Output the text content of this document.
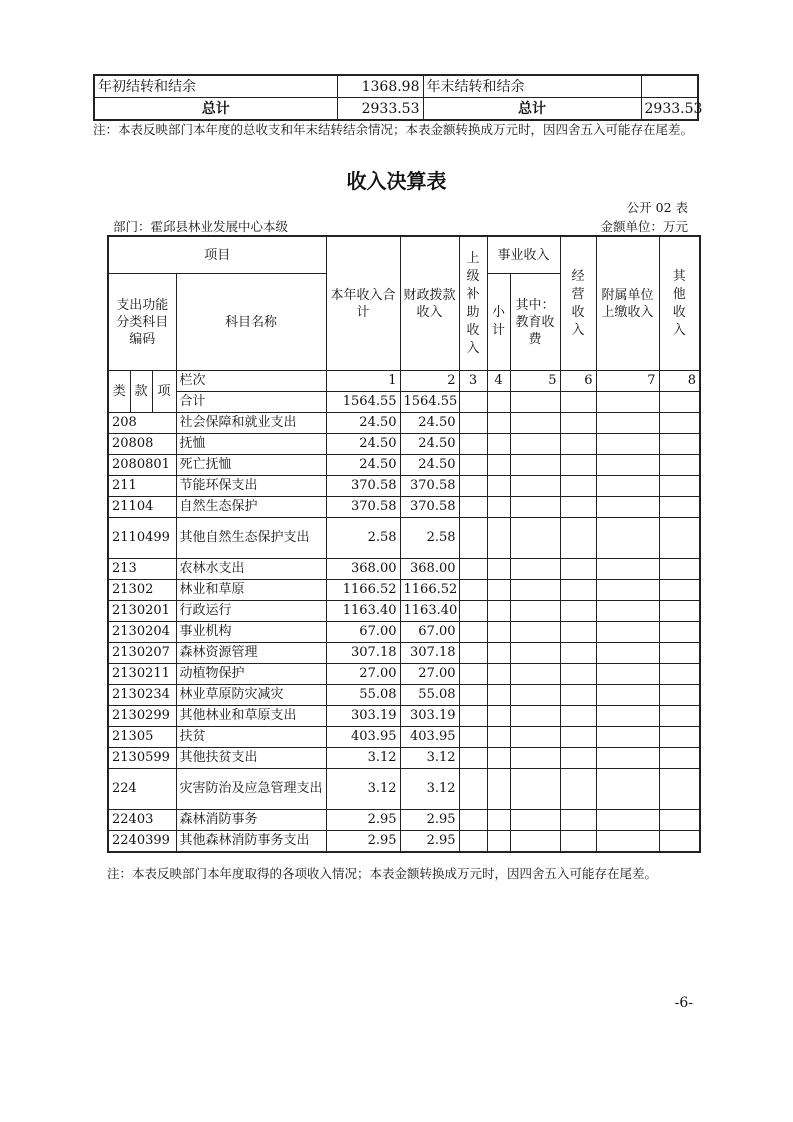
年初结转和结余	1368.98	年末结转和结余	
总计	2933.53	总计	2933.53
注：本表反映部门本年度的总收支和年末结转结余情况；本表金额转换成万元时，因四舍五入可能存在尾差。
收入决算表
公开 02 表
部门：霍邱县林业发展中心本级	金额单位：万元
项目				本年收入合计	财政拨款收入	上级补助收入	事业收入		经营收入	附属单位上缴收入	其他收入

支出功能分类科目编码			科目名称				小计	其中：教育收费			

类	款	项	栏次	1	2	3	4	5	6	7	8
			合计	1564.55	1564.55						
208			社会保障和就业支出	24.50	24.50						
20808			抚恤	24.50	24.50						
2080801			死亡抚恤	24.50	24.50						
211			节能环保支出	370.58	370.58						
21104			自然生态保护	370.58	370.58						
2110499			其他自然生态保护支出	2.58	2.58						
213			农林水支出	368.00	368.00						
21302			林业和草原	1166.52	1166.52						
2130201			行政运行	1163.40	1163.40						
2130204			事业机构	67.00	67.00						
2130207			森林资源管理	307.18	307.18						
2130211			动植物保护	27.00	27.00						
2130234			林业草原防灾减灾	55.08	55.08						
2130299			其他林业和草原支出	303.19	303.19						
21305			扶贫	403.95	403.95						
2130599			其他扶贫支出	3.12	3.12						
224			灾害防治及应急管理支出	3.12	3.12						
22403			森林消防事务	2.95	2.95						
2240399			其他森林消防事务支出	2.95	2.95						
注：本表反映部门本年度取得的各项收入情况；本表金额转换成万元时，因四舍五入可能存在尾差。
-6-
